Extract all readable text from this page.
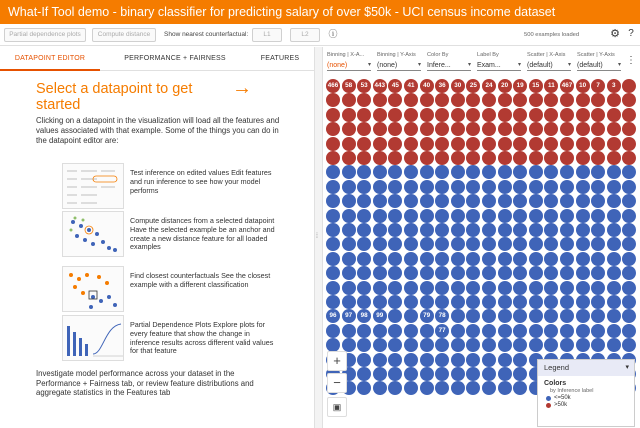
What-If Tool demo - binary classifier for predicting salary of over $50k - UCI census income dataset
Partial dependence plots	Compute distance	Show nearest counterfactual:	L1	L2	ⓘ	500 examples loaded	⚙ ?
DATAPOINT EDITOR	PERFORMANCE + FAIRNESS	FEATURES
Select a datapoint to get started
→
Clicking on a datapoint in the visualization will load all the features and values associated with that example. Some of the things you can do in the datapoint editor are:
Test inference on edited values Edit features and run inference to see how your model performs
Compute distances from a selected datapoint Have the selected example be an anchor and create a new distance feature for all loaded examples
Find closest counterfactuals See the closest example with a different classification
Partial Dependence Plots Explore plots for every feature that show the change in inference results across different valid values for that feature
Investigate model performance across your dataset in the Performance + Fairness tab, or review feature distributions and aggregate statistics in the Features tab
⁞
Binning | X-A...
(none) ▾
Binning | Y-Axis
(none) ▾
Color By
Infere... ▾
Label By
Exam... ▾
Scatter | X-Axis
(default) ▾
Scatter | Y-Axis
(default) ▾	⋮
466	58	53	443	45	41	40	36	30	25	24	20	19	15	11	467	10	7	3
96	97	98	99	79	78
77
+
−
▣
Legend ▾
Colors
by Inference label
<=50k
>50k
